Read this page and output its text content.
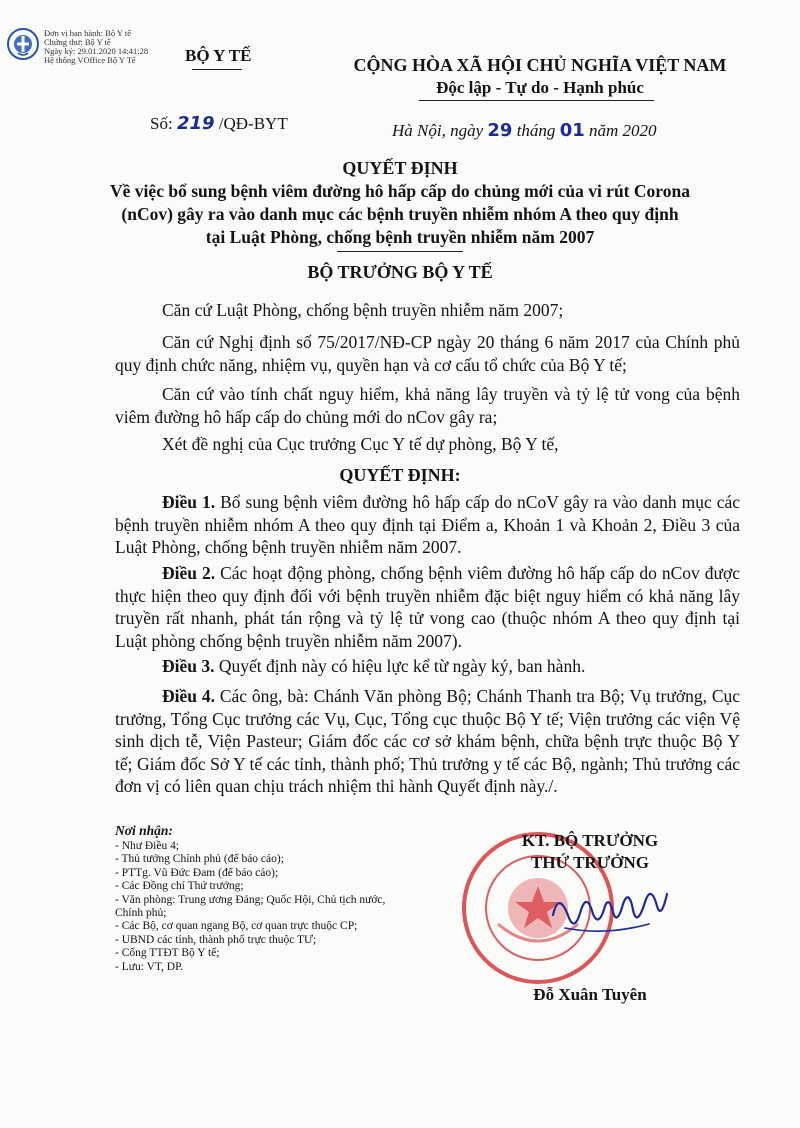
Đơn vị ban hành: Bộ Y tế
Chứng thư: Bộ Y tế
Ngày ký: 29.01.2020 14:41:28
Hệ thống VOffice Bộ Y Tế	BỘ Y TẾ	CỘNG HÒA XÃ HỘI CHỦ NGHĨA VIỆT NAM
Độc lập - Tự do - Hạnh phúc
Số: 219 /QĐ-BYT	Hà Nội, ngày 29 tháng 01 năm 2020
QUYẾT ĐỊNH
Về việc bổ sung bệnh viêm đường hô hấp cấp do chủng mới của vi rút Corona
(nCov) gây ra vào danh mục các bệnh truyền nhiễm nhóm A theo quy định
tại Luật Phòng, chống bệnh truyền nhiễm năm 2007
BỘ TRƯỞNG BỘ Y TẾ
Căn cứ Luật Phòng, chống bệnh truyền nhiễm năm 2007;
Căn cứ Nghị định số 75/2017/NĐ-CP ngày 20 tháng 6 năm 2017 của Chính phủ quy định chức năng, nhiệm vụ, quyền hạn và cơ cấu tổ chức của Bộ Y tế;
Căn cứ vào tính chất nguy hiểm, khả năng lây truyền và tỷ lệ tử vong của bệnh viêm đường hô hấp cấp do chủng mới do nCov gây ra;
Xét đề nghị của Cục trưởng Cục Y tế dự phòng, Bộ Y tế,
QUYẾT ĐỊNH:
Điều 1. Bổ sung bệnh viêm đường hô hấp cấp do nCoV gây ra vào danh mục các bệnh truyền nhiễm nhóm A theo quy định tại Điểm a, Khoản 1 và Khoản 2, Điều 3 của Luật Phòng, chống bệnh truyền nhiễm năm 2007.
Điều 2. Các hoạt động phòng, chống bệnh viêm đường hô hấp cấp do nCov được thực hiện theo quy định đối với bệnh truyền nhiễm đặc biệt nguy hiểm có khả năng lây truyền rất nhanh, phát tán rộng và tỷ lệ tử vong cao (thuộc nhóm A theo quy định tại Luật phòng chống bệnh truyền nhiễm năm 2007).
Điều 3. Quyết định này có hiệu lực kể từ ngày ký, ban hành.
Điều 4. Các ông, bà: Chánh Văn phòng Bộ; Chánh Thanh tra Bộ; Vụ trưởng, Cục trưởng, Tổng Cục trưởng các Vụ, Cục, Tổng cục thuộc Bộ Y tế; Viện trưởng các viện Vệ sinh dịch tễ, Viện Pasteur; Giám đốc các cơ sở khám bệnh, chữa bệnh trực thuộc Bộ Y tế; Giám đốc Sở Y tế các tỉnh, thành phố; Thủ trưởng y tế các Bộ, ngành; Thủ trưởng các đơn vị có liên quan chịu trách nhiệm thi hành Quyết định này./.
Nơi nhận:
- Như Điều 4;
- Thủ tướng Chính phủ (để báo cáo);
- PTTg. Vũ Đức Đam (để báo cáo);
- Các Đồng chí Thứ trưởng;
- Văn phòng: Trung ương Đảng; Quốc Hội, Chủ tịch nước,
Chính phủ;
- Các Bộ, cơ quan ngang Bộ, cơ quan trực thuộc CP;
- UBND các tỉnh, thành phố trực thuộc TƯ;
- Cổng TTĐT Bộ Y tế;
- Lưu: VT, DP.
KT. BỘ TRƯỞNG
THỨ TRƯỞNG
Đỗ Xuân Tuyên
